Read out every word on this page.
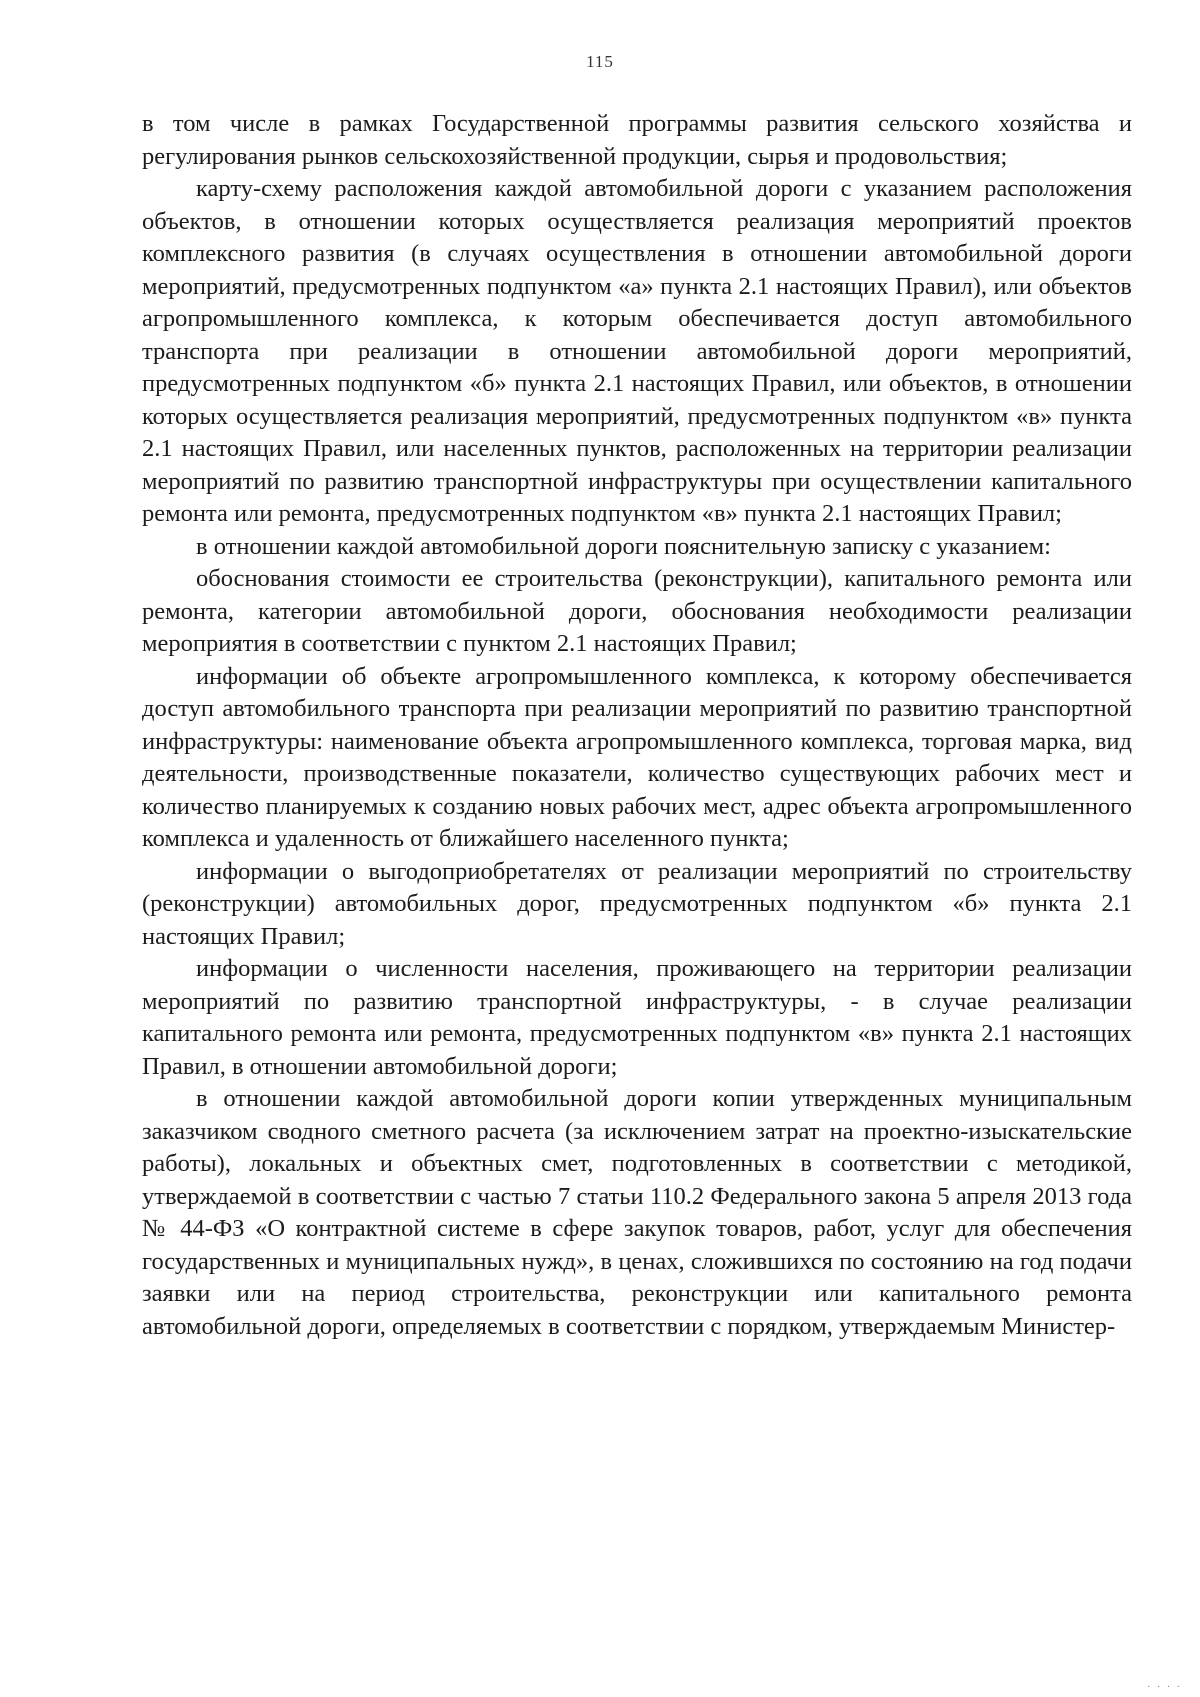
115

в том числе в рамках Государственной программы развития сельского хозяйства и регулирования рынков сельскохозяйственной продукции, сырья и продовольствия;

карту-схему расположения каждой автомобильной дороги с указанием расположения объектов, в отношении которых осуществляется реализация мероприятий проектов комплексного развития (в случаях осуществления в отношении автомобильной дороги мероприятий, предусмотренных подпунктом «а» пункта 2.1 настоящих Правил), или объектов агропромышленного комплекса, к которым обеспечивается доступ автомобильного транспорта при реализации в отношении автомобильной дороги мероприятий, предусмотренных подпунктом «б» пункта 2.1 настоящих Правил, или объектов, в отношении которых осуществляется реализация мероприятий, предусмотренных подпунктом «в» пункта 2.1 настоящих Правил, или населенных пунктов, расположенных на территории реализации мероприятий по развитию транспортной инфраструктуры при осуществлении капитального ремонта или ремонта, предусмотренных подпунктом «в» пункта 2.1 настоящих Правил;

в отношении каждой автомобильной дороги пояснительную записку с указанием:

обоснования стоимости ее строительства (реконструкции), капитального ремонта или ремонта, категории автомобильной дороги, обоснования необходимости реализации мероприятия в соответствии с пунктом 2.1 настоящих Правил;

информации об объекте агропромышленного комплекса, к которому обеспечивается доступ автомобильного транспорта при реализации мероприятий по развитию транспортной инфраструктуры: наименование объекта агропромышленного комплекса, торговая марка, вид деятельности, производственные показатели, количество существующих рабочих мест и количество планируемых к созданию новых рабочих мест, адрес объекта агропромышленного комплекса и удаленность от ближайшего населенного пункта;

информации о выгодоприобретателях от реализации мероприятий по строительству (реконструкции) автомобильных дорог, предусмотренных подпунктом «б» пункта 2.1 настоящих Правил;

информации о численности населения, проживающего на территории реализации мероприятий по развитию транспортной инфраструктуры, - в случае реализации капитального ремонта или ремонта, предусмотренных подпунктом «в» пункта 2.1 настоящих Правил, в отношении автомобильной дороги;

в отношении каждой автомобильной дороги копии утвержденных муниципальным заказчиком сводного сметного расчета (за исключением затрат на проектно-изыскательские работы), локальных и объектных смет, подготовленных в соответствии с методикой, утверждаемой в соответствии с частью 7 статьи 110.2 Федерального закона 5 апреля 2013 года № 44-ФЗ «О контрактной системе в сфере закупок товаров, работ, услуг для обеспечения государственных и муниципальных нужд», в ценах, сложившихся по состоянию на год подачи заявки или на период строительства, реконструкции или капитального ремонта автомобильной дороги, определяемых в соответствии с порядком, утверждаемым Министер-

· · · ·
